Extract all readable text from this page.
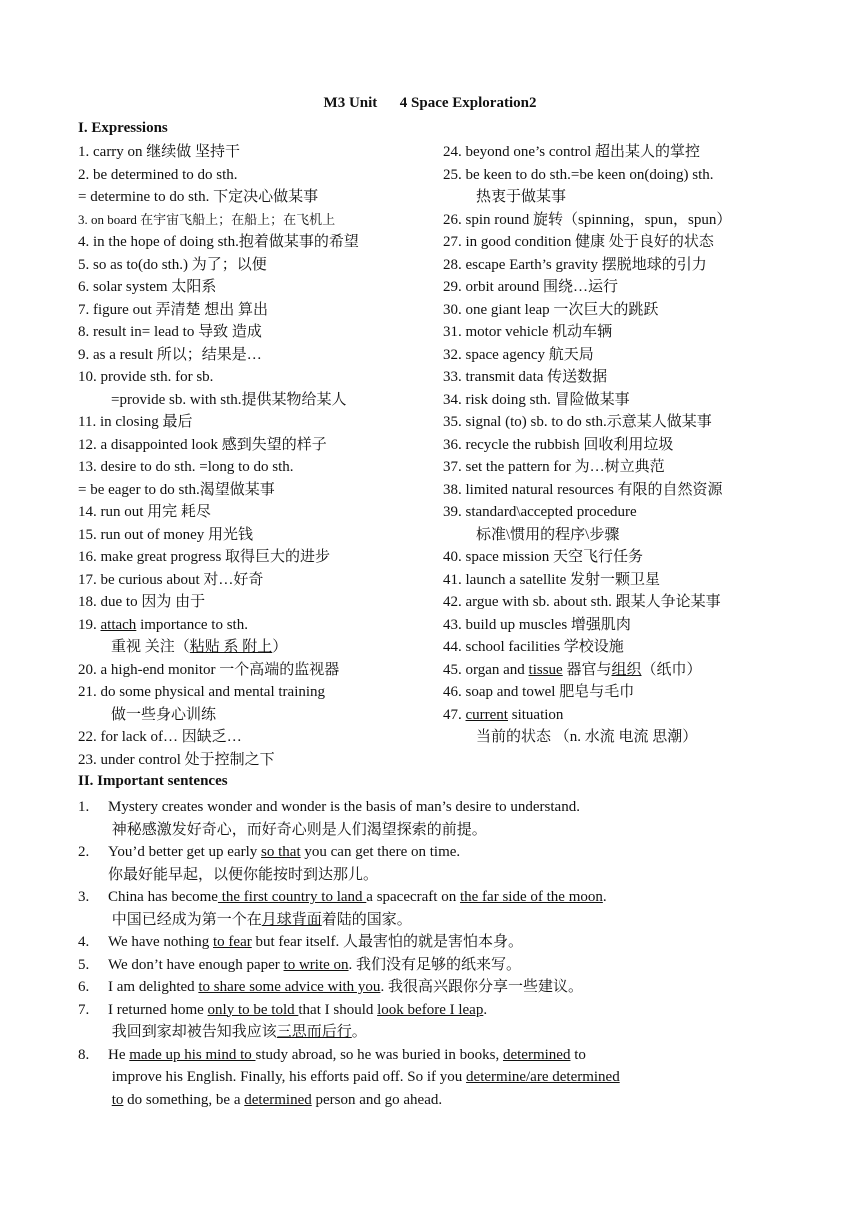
M3 Unit      4 Space Exploration2
I. Expressions
1. carry on 继续做 坚持干
2. be determined to do sth.
= determine to do sth. 下定决心做某事
3. on board 在宇宙飞船上；在船上；在飞机上
4. in the hope of doing sth.抱着做某事的希望
5. so as to(do sth.) 为了；以便
6. solar system 太阳系
7. figure out 弄清楚 想出 算出
8. result in= lead to 导致 造成
9. as a result 所以；结果是…
10. provide sth. for sb.
=provide sb. with sth.提供某物给某人
11. in closing 最后
12. a disappointed look 感到失望的样子
13. desire to do sth. =long to do sth.
= be eager to do sth.渴望做某事
14. run out 用完 耗尽
15. run out of money 用光钱
16. make great progress 取得巨大的进步
17. be curious about 对…好奇
18. due to 因为 由于
19. attach importance to sth.
重视 关注（粘贴 系 附上）
20. a high-end monitor 一个高端的监视器
21. do some physical and mental training
做一些身心训练
22. for lack of… 因缺乏…
23. under control 处于控制之下
24. beyond one’s control 超出某人的掌控
25. be keen to do sth.=be keen on(doing) sth.
热衷于做某事
26. spin round 旋转（spinning，spun，spun）
27. in good condition 健康 处于良好的状态
28. escape Earth’s gravity 摆脱地球的引力
29. orbit around 围绕…运行
30. one giant leap 一次巨大的跳跃
31. motor vehicle 机动车辆
32. space agency 航天局
33. transmit data 传送数据
34. risk doing sth. 冒险做某事
35. signal (to) sb. to do sth.示意某人做某事
36. recycle the rubbish 回收利用垃圾
37. set the pattern for 为…树立典范
38. limited natural resources 有限的自然资源
39. standard\accepted procedure
标准\惯用的程序\步骤
40. space mission 天空飞行任务
41. launch a satellite 发射一颗卫星
42. argue with sb. about sth. 跟某人争论某事
43. build up muscles 增强肌肉
44. school facilities 学校设施
45. organ and tissue 器官与组织（纸巾）
46. soap and towel 肥皂与毛巾
47. current situation
当前的状态 （n. 水流 电流 思潮）
II. Important sentences
1. Mystery creates wonder and wonder is the basis of man’s desire to understand.
神秘感激发好奇心，而好奇心则是人们渴望探索的前提。
2. You’d better get up early so that you can get there on time.
你最好能早起，以便你能按时到达那儿。
3. China has become the first country to land a spacecraft on the far side of the moon.
中国已经成为第一个在月球背面着陆的国家。
4. We have nothing to fear but fear itself. 人最害怕的就是害怕本身。
5. We don’t have enough paper to write on. 我们没有足够的纸来写。
6. I am delighted to share some advice with you. 我很高兴跟你分享一些建议。
7. I returned home only to be told that I should look before I leap.
我回到家却被告知我应该三思而后行。
8. He made up his mind to study abroad, so he was buried in books, determined to
improve his English. Finally, his efforts paid off. So if you determine/are determined
to do something, be a determined person and go ahead.
